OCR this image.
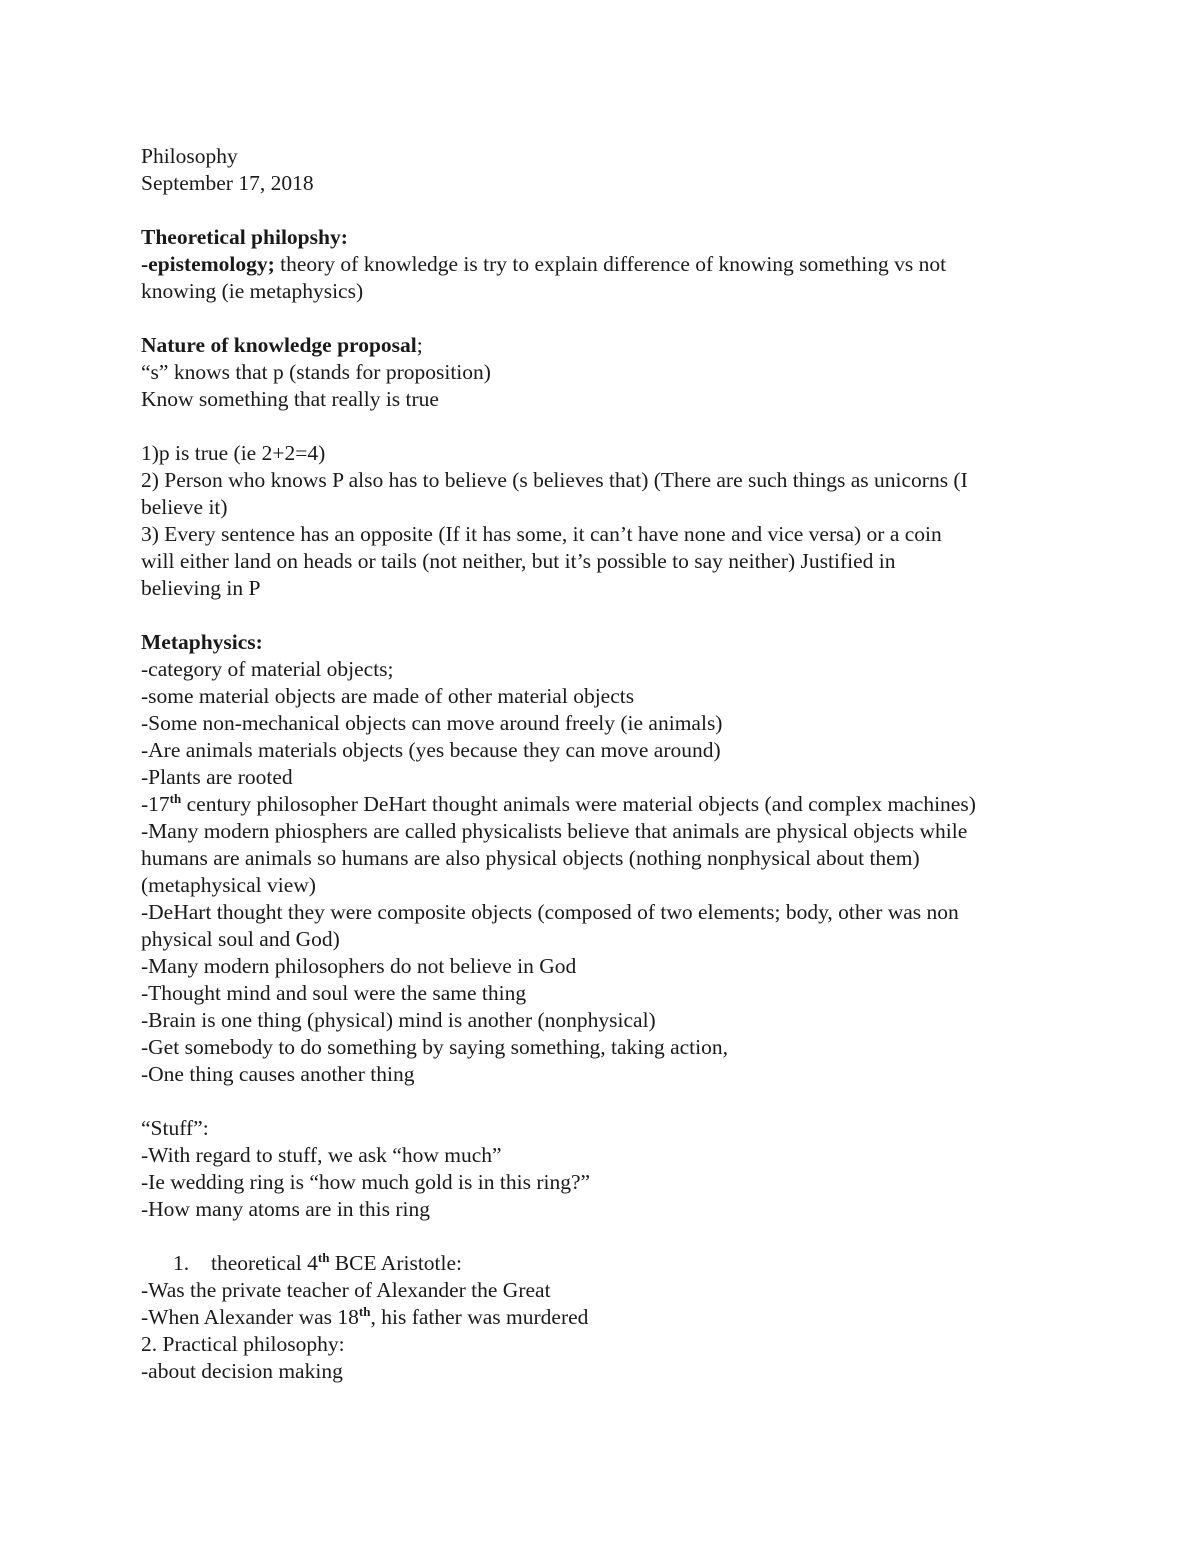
Philosophy
September 17, 2018
Theoretical philopshy:
-epistemology; theory of knowledge is try to explain difference of knowing something vs not
knowing (ie metaphysics)
Nature of knowledge proposal;
“s” knows that p (stands for proposition)
Know something that really is true
1)p is true (ie 2+2=4)
2) Person who knows P also has to believe (s believes that) (There are such things as unicorns (I
believe it)
3) Every sentence has an opposite (If it has some, it can’t have none and vice versa) or a coin
will either land on heads or tails (not neither, but it’s possible to say neither) Justified in
believing in P
Metaphysics:
-category of material objects;
-some material objects are made of other material objects
-Some non-mechanical objects can move around freely (ie animals)
-Are animals materials objects (yes because they can move around)
-Plants are rooted
-17th century philosopher DeHart thought animals were material objects (and complex machines)
-Many modern phiosphers are called physicalists believe that animals are physical objects while
humans are animals so humans are also physical objects (nothing nonphysical about them)
(metaphysical view)
-DeHart thought they were composite objects (composed of two elements; body, other was non
physical soul and God)
-Many modern philosophers do not believe in God
-Thought mind and soul were the same thing
-Brain is one thing (physical) mind is another (nonphysical)
-Get somebody to do something by saying something, taking action,
-One thing causes another thing
“Stuff”:
-With regard to stuff, we ask “how much”
-Ie wedding ring is “how much gold is in this ring?”
-How many atoms are in this ring
1. theoretical 4th BCE Aristotle:
-Was the private teacher of Alexander the Great
-When Alexander was 18th, his father was murdered
2. Practical philosophy:
-about decision making
